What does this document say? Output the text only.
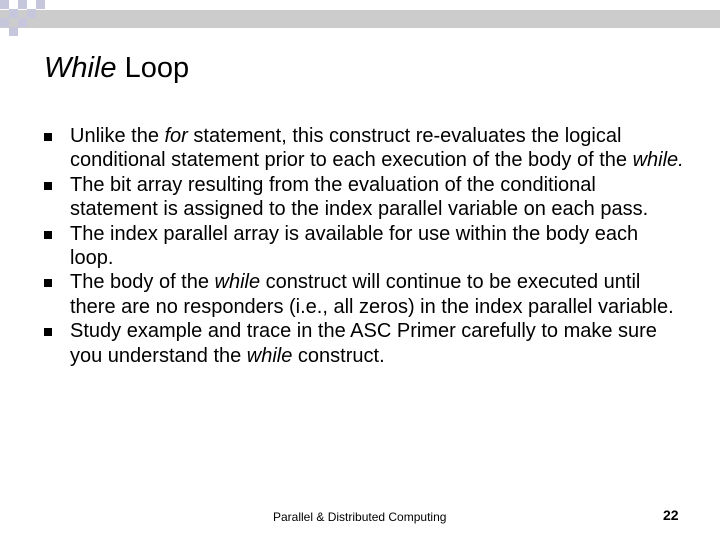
While Loop
Unlike the for statement, this construct re-evaluates the logical conditional statement prior to each execution of the body of the while.
The bit array resulting from the evaluation of the conditional statement is assigned to the index parallel variable on each pass.
The index parallel array is available for use within the body each loop.
The body of the while construct will continue to be executed until there are no responders (i.e., all zeros) in the index parallel variable.
Study example and trace in the ASC Primer carefully to make sure you understand the while construct.
Parallel & Distributed Computing	22
